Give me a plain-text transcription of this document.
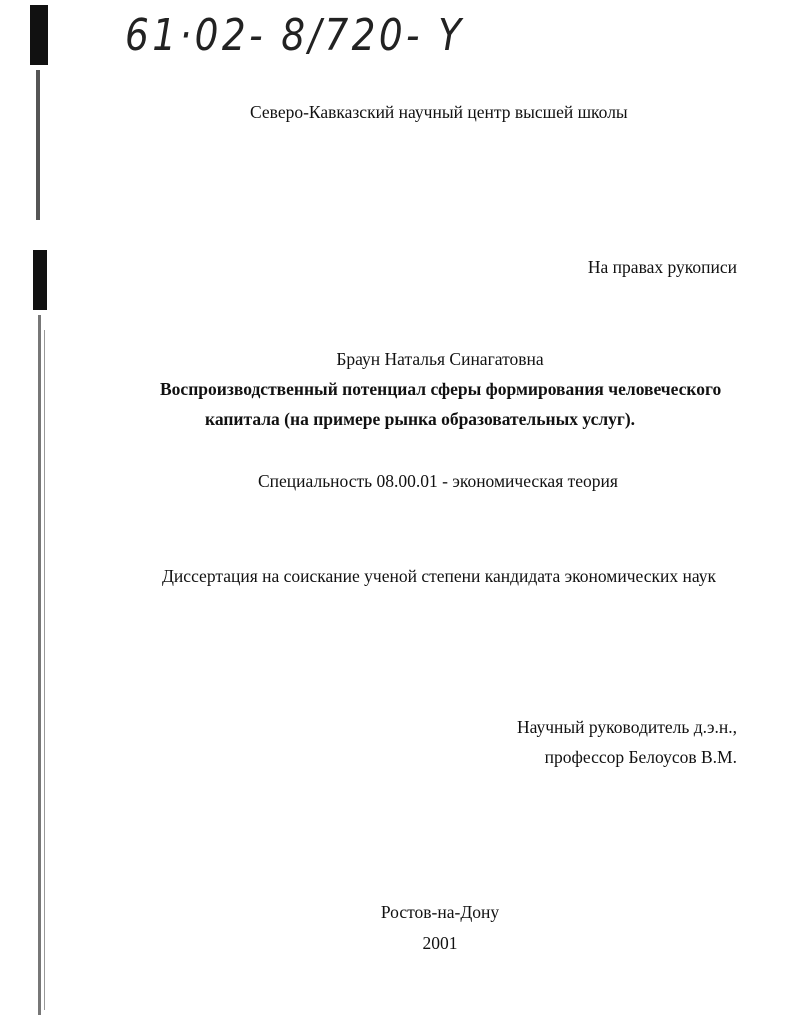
61·02- 8/720- Y
Северо-Кавказский научный центр высшей школы
На правах рукописи
Браун Наталья Синагатовна
Воспроизводственный потенциал сферы формирования человеческого
капитала (на примере рынка образовательных услуг).
Специальность 08.00.01 - экономическая теория
Диссертация на соискание ученой степени кандидата экономических наук
Научный руководитель д.э.н.,
профессор Белоусов В.М.
Ростов-на-Дону
2001
